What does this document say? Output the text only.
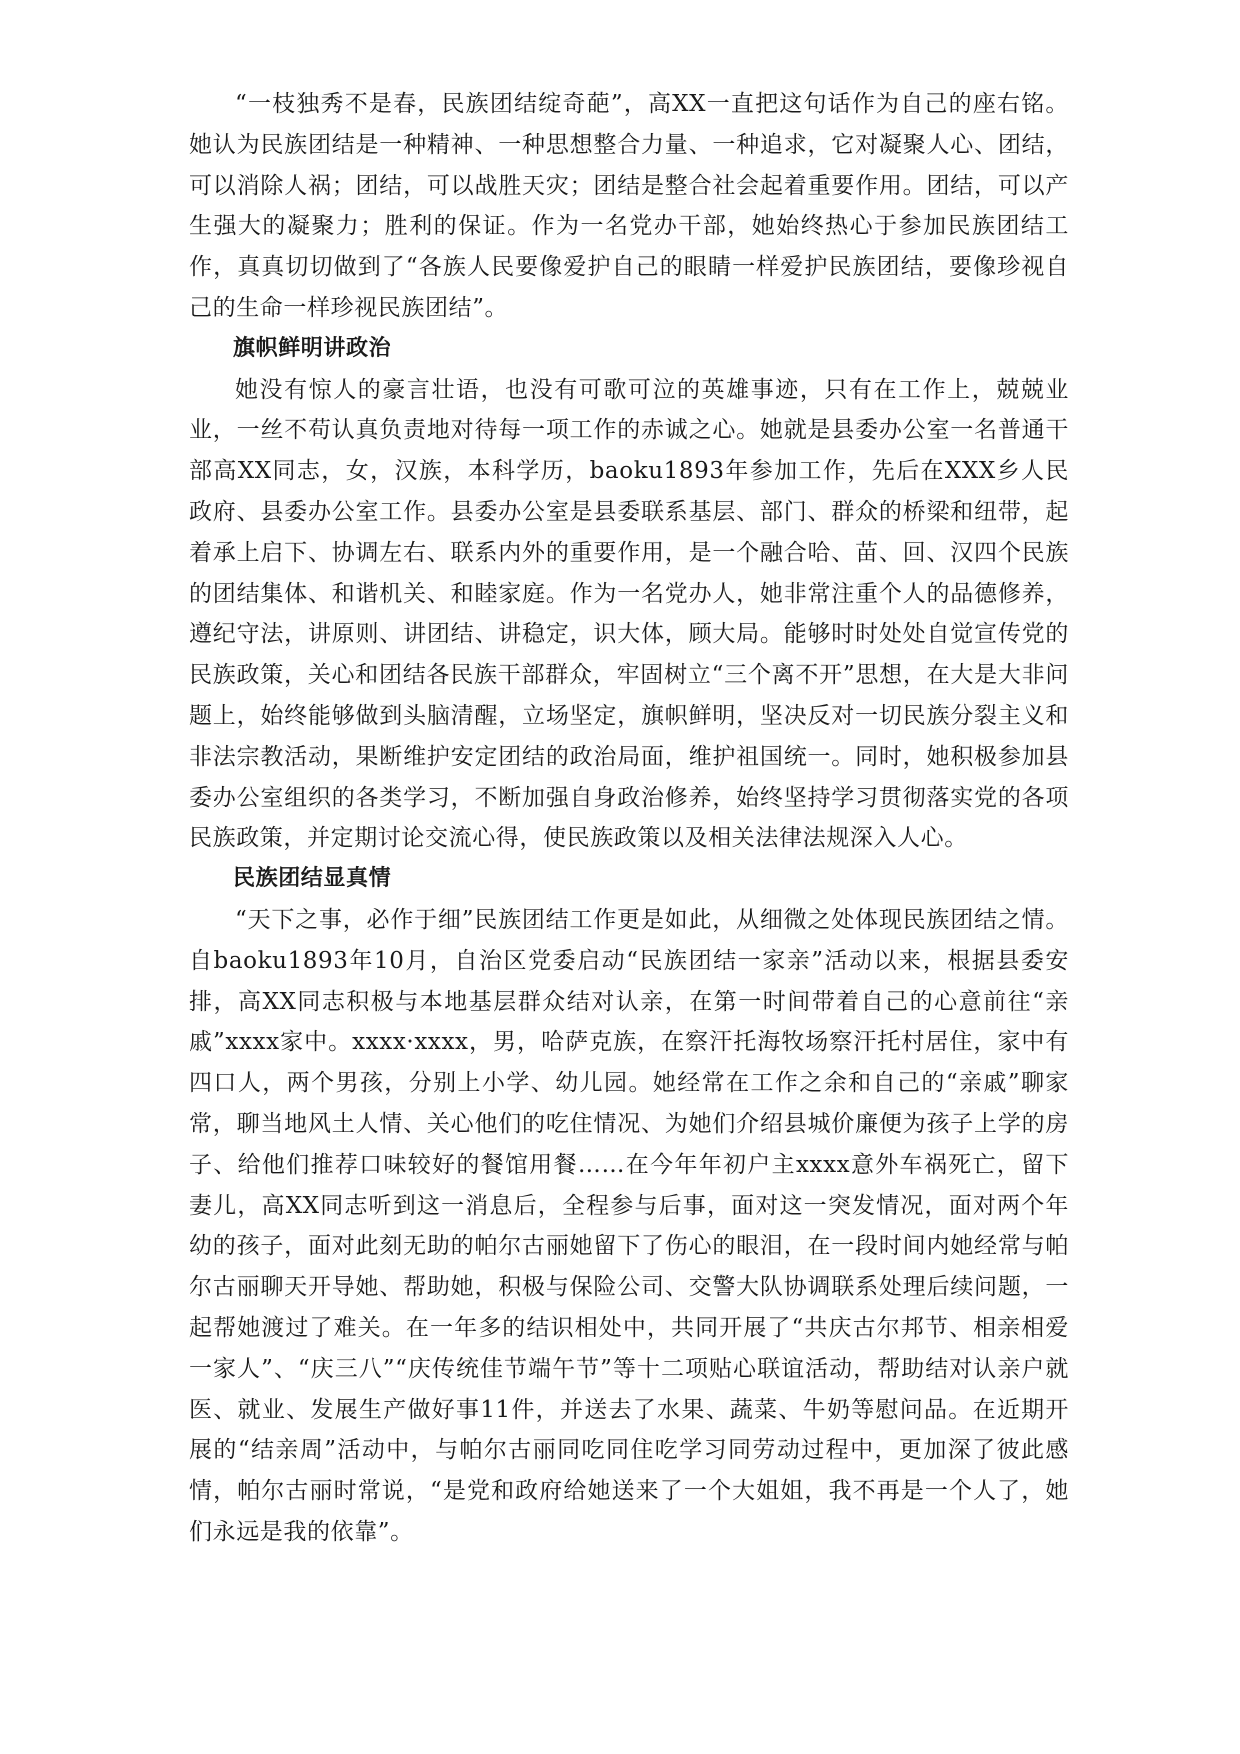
“一枝独秀不是春，民族团结绽奇葩”，高XX一直把这句话作为自己的座右铭。她认为民族团结是一种精神、一种思想整合力量、一种追求，它对凝聚人心、团结，可以消除人祸；团结，可以战胜天灾；团结是整合社会起着重要作用。团结，可以产生强大的凝聚力；胜利的保证。作为一名党办干部，她始终热心于参加民族团结工作，真真切切做到了“各族人民要像爱护自己的眼睛一样爱护民族团结，要像珍视自己的生命一样珍视民族团结”。

旗帜鲜明讲政治

她没有惊人的豪言壮语，也没有可歌可泣的英雄事迹，只有在工作上，兢兢业业，一丝不苟认真负责地对待每一项工作的赤诚之心。她就是县委办公室一名普通干部高XX同志，女，汉族，本科学历，baoku1893年参加工作，先后在XXX乡人民政府、县委办公室工作。县委办公室是县委联系基层、部门、群众的桥梁和纽带，起着承上启下、协调左右、联系内外的重要作用，是一个融合哈、苗、回、汉四个民族的团结集体、和谐机关、和睦家庭。作为一名党办人，她非常注重个人的品德修养，遵纪守法，讲原则、讲团结、讲稳定，识大体，顾大局。能够时时处处自觉宣传党的民族政策，关心和团结各民族干部群众，牢固树立“三个离不开”思想，在大是大非问题上，始终能够做到头脑清醒，立场坚定，旗帜鲜明，坚决反对一切民族分裂主义和非法宗教活动，果断维护安定团结的政治局面，维护祖国统一。同时，她积极参加县委办公室组织的各类学习，不断加强自身政治修养，始终坚持学习贯彻落实党的各项民族政策，并定期讨论交流心得，使民族政策以及相关法律法规深入人心。

民族团结显真情

“天下之事，必作于细”民族团结工作更是如此，从细微之处体现民族团结之情。自baoku1893年10月，自治区党委启动“民族团结一家亲”活动以来，根据县委安排，高XX同志积极与本地基层群众结对认亲，在第一时间带着自己的心意前往“亲戚”xxxx家中。xxxx·xxxx，男，哈萨克族，在察汗托海牧场察汗托村居住，家中有四口人，两个男孩，分别上小学、幼儿园。她经常在工作之余和自己的“亲戚”聊家常，聊当地风土人情、关心他们的吃住情况、为她们介绍县城价廉便为孩子上学的房子、给他们推荐口味较好的餐馆用餐……在今年年初户主xxxx意外车祸死亡，留下妻儿，高XX同志听到这一消息后，全程参与后事，面对这一突发情况，面对两个年幼的孩子，面对此刻无助的帕尔古丽她留下了伤心的眼泪，在一段时间内她经常与帕尔古丽聊天开导她、帮助她，积极与保险公司、交警大队协调联系处理后续问题，一起帮她渡过了难关。在一年多的结识相处中，共同开展了“共庆古尔邦节、相亲相爱一家人”、“庆三八”“庆传统佳节端午节”等十二项贴心联谊活动，帮助结对认亲户就医、就业、发展生产做好事11件，并送去了水果、蔬菜、牛奶等慰问品。在近期开展的“结亲周”活动中，与帕尔古丽同吃同住吃学习同劳动过程中，更加深了彼此感情，帕尔古丽时常说，“是党和政府给她送来了一个大姐姐，我不再是一个人了，她们永远是我的依靠”。
